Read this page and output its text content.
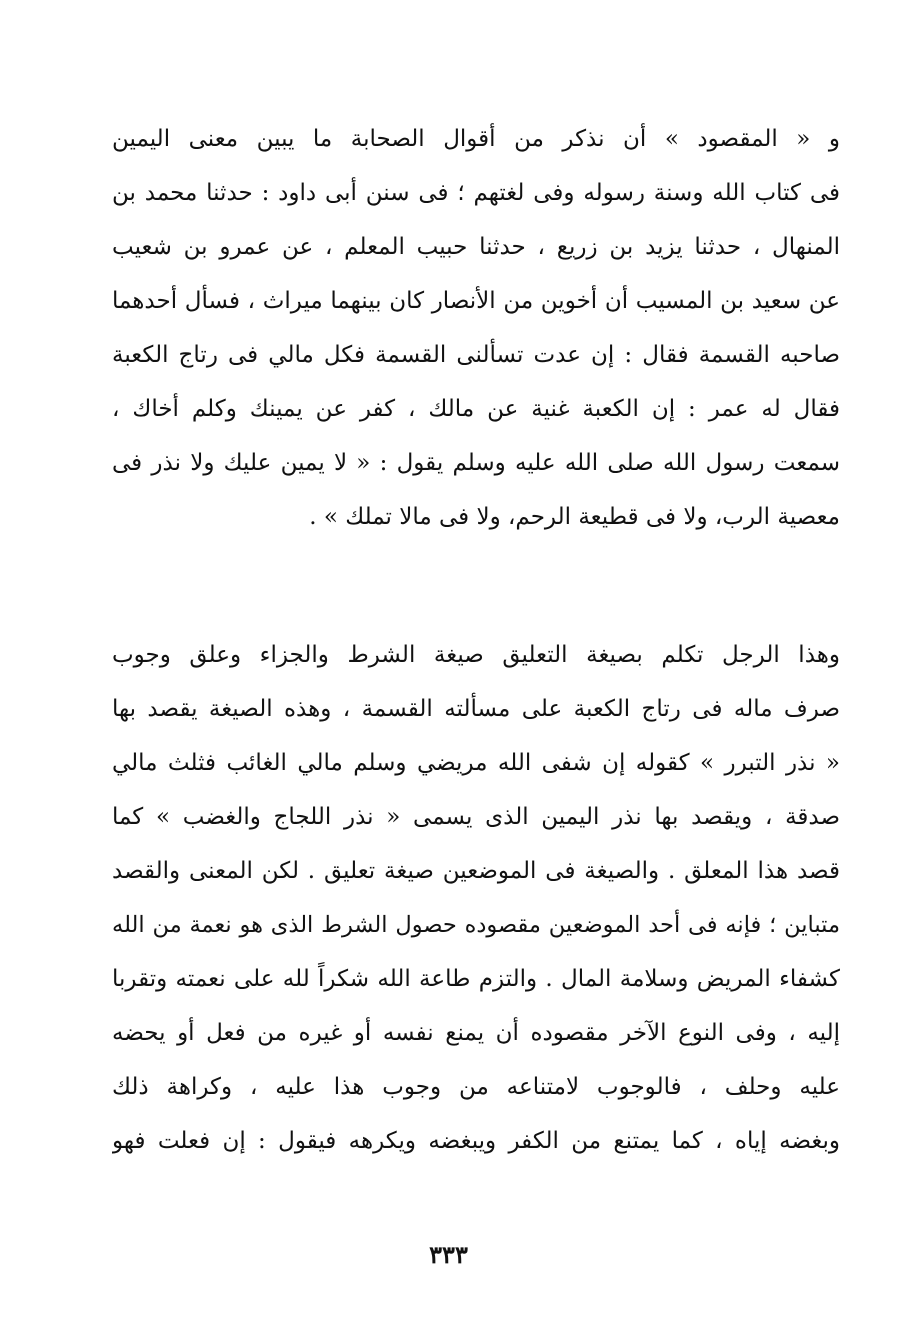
و « المقصود » أن نذكر من أقوال الصحابة ما يبين معنى اليمين
فى كتاب الله وسنة رسوله وفى لغتهم ؛ فى سنن أبى داود : حدثنا محمد بن
المنهال ، حدثنا يزيد بن زريع ، حدثنا حبيب المعلم ، عن عمرو بن شعيب
عن سعيد بن المسيب أن أخوين من الأنصار كان بينهما ميراث ، فسأل أحدهما
صاحبه القسمة فقال : إن عدت تسألنى القسمة فكل مالي فى رتاج الكعبة
فقال له عمر : إن الكعبة غنية عن مالك ، كفر عن يمينك وكلم أخاك ،
سمعت رسول الله صلى الله عليه وسلم يقول : « لا يمين عليك ولا نذر فى
معصية الرب، ولا فى قطيعة الرحم، ولا فى مالا تملك » .
وهذا الرجل تكلم بصيغة التعليق صيغة الشرط والجزاء وعلق وجوب
صرف ماله فى رتاج الكعبة على مسألته القسمة ، وهذه الصيغة يقصد بها
« نذر التبرر » كقوله إن شفى الله مريضي وسلم مالي الغائب فثلث مالي
صدقة ، ويقصد بها نذر اليمين الذى يسمى « نذر اللجاج والغضب » كما
قصد هذا المعلق . والصيغة فى الموضعين صيغة تعليق . لكن المعنى والقصد
متباين ؛ فإنه فى أحد الموضعين مقصوده حصول الشرط الذى هو نعمة من الله
كشفاء المريض وسلامة المال . والتزم طاعة الله شكراً لله على نعمته وتقربا
إليه ، وفى النوع الآخر مقصوده أن يمنع نفسه أو غيره من فعل أو يحضه
عليه وحلف ، فالوجوب لامتناعه من وجوب هذا عليه ، وكراهة ذلك
وبغضه إياه ، كما يمتنع من الكفر ويبغضه ويكرهه فيقول : إن فعلت فهو
٣٣٣
